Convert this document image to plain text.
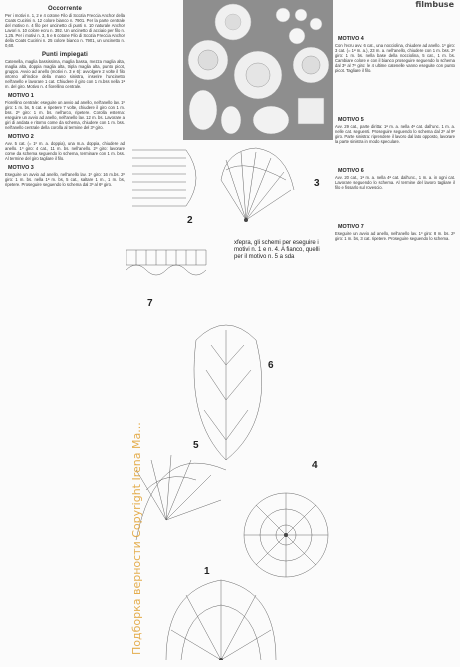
Occorrente
Per i motivi n. 1, 2 e 4 cotone Filo di Scozia Freccia Anchor della Coats Cucirini n. 12 colore bianco n. 7901. Per la parte centrale del motivo n. 4 filo per uncinetto di punti n. 10 naturale Anchor Lavori n. 10 colore ecru n. 392. Un uncinetto di acciaio per filo n. 1,25. Per i motivi n. 3, 5 e 6 cotone Filo di Scozia Freccia Anchor della Coats Cucirini n. 25 colore bianco n. 7901, un uncinetto n. 0,60.
Punti impiegati
Catenella, maglia bassissima, maglia bassa, mezza maglia alta, maglia alta, doppia maglia alta, tripla maglia alta, punto picot, gruppo. Avvio ad anello (motivi n. 3 e 6): avvolgere 2 volte il filo intorno all'indice della mano sinistra, inserire l'uncinetto nell'anello e lavorare 1 cat. Chiudere il giro con 1 m.bss nella 1ª m. del giro. Motivo n. 4 fiorellino centrale.
MOTIVO 1
Fiorellino centrale: eseguire un avvio ad anello, nell'anello lav. 1º giro: 1 m. bs, 5 cat. e ripetere 7 volte, chiudere il giro con 1 m. bss. 2º giro: 1 m. bs. nell'arco, ripetere. Corolla esterna: eseguire un avvio ad anello, nell'anello lav. 12 m. bs. Lavorare a giri di andata e ritorno come da schema, chiudere con 1 m. bss. nell'anello centrale della corolla al termine del 3º giro.
MOTIVO 2
Avv. 5 cat. (= 1º m. a. doppia), una m.a. doppia, chiudere ad anello. 1º giro: 4 cat., 11 m. bs. nell'anello. 2º giro: lavorare come da schema seguendo lo schema, terminare con 1 m. bss. Al termine del giro tagliare il filo.
MOTIVO 3
Eseguire un avvio ad anello, nell'anello lav. 1º giro: 16 m.bs. 2º giro: 1 m. bs. nella 1ª m. bs, 5 cat., saltare 1 m., 1 m. bs, ripetere. Proseguire seguendo lo schema dal 3º al 6º giro.
MOTIVO 4
Con l'ecru avv. 6 cat., una nocciolina, chiudere ad anello. 1º giro: 3 cat. (= 1ª m. a.), 23 m. a. nell'anello, chiudere con 1 m. bss. 2º giro: 1 m. bs. nella base della nocciolina, 5 cat., 1 m. bs. Cambiare colore e con il bianco proseguire seguendo lo schema dal 3º al 7º giro: le 4 ultime catenelle vanno eseguite con punto picot. Tagliare il filo.
MOTIVO 5
Avv. 29 cat., parte diritta: 1ª m. a. nella 4ª cat. dall'unc. 1 m. a. nelle cat. seguenti. Proseguire seguendo lo schema dal 2º al 9º giro. Parte sinistra: riprendere il lavoro dal lato opposto, lavorare la parte sinistra in modo speculare.
MOTIVO 6
Avv. 20 cat., 1ª m. a. nella 4ª cat. dall'unc., 1 m. a. in ogni cat. Lavorare seguendo lo schema. Al termine del lavoro tagliare il filo e fissarlo sul rovescio.
MOTIVO 7
Eseguire un avvio ad anello, nell'anello lav. 1º giro: 8 m. bs. 2º giro: 1 m. bs, 3 cat. ripetere. Proseguire seguendo lo schema.
filmbuse
2
3
7
6
5
4
1
xfepra, gli schemi per eseguire i motivi n. 1 e n. 4. A fianco, quelli per il motivo n. 5 a sda
Подборка верности Copyright Irena Ma...
